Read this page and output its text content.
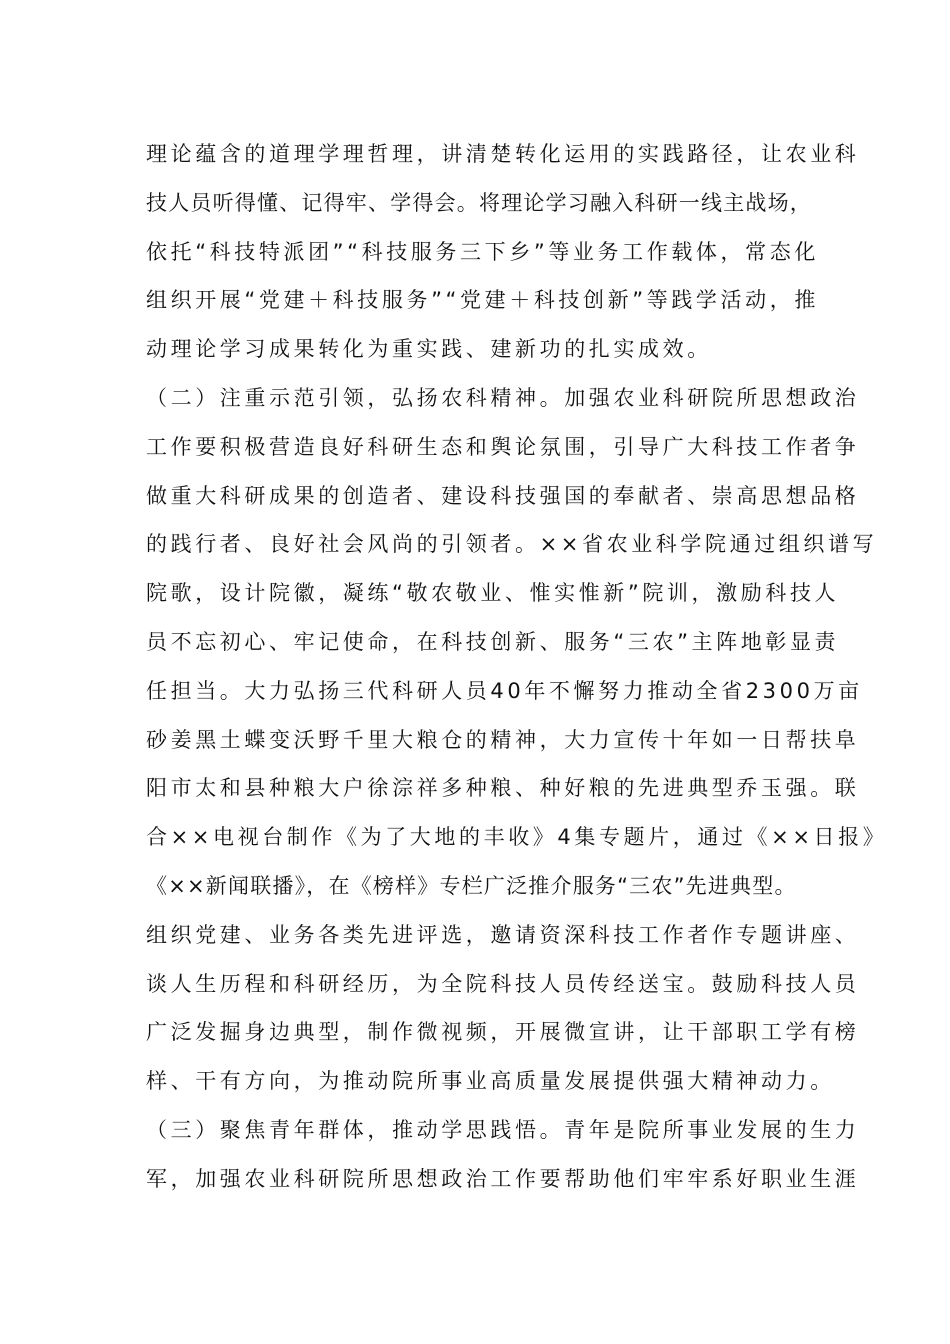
理论蕴含的道理学理哲理，讲清楚转化运用的实践路径，让农业科
技人员听得懂、记得牢、学得会。将理论学习融入科研一线主战场，
依托“科技特派团”“科技服务三下乡”等业务工作载体，常态化
组织开展“党建＋科技服务”“党建＋科技创新”等践学活动，推
动理论学习成果转化为重实践、建新功的扎实成效。
（二）注重示范引领，弘扬农科精神。加强农业科研院所思想政治
工作要积极营造良好科研生态和舆论氛围，引导广大科技工作者争
做重大科研成果的创造者、建设科技强国的奉献者、崇高思想品格
的践行者、良好社会风尚的引领者。××省农业科学院通过组织谱写
院歌，设计院徽，凝练“敬农敬业、惟实惟新”院训，激励科技人
员不忘初心、牢记使命，在科技创新、服务“三农”主阵地彰显责
任担当。大力弘扬三代科研人员40年不懈努力推动全省2300万亩
砂姜黑土蝶变沃野千里大粮仓的精神，大力宣传十年如一日帮扶阜
阳市太和县种粮大户徐淙祥多种粮、种好粮的先进典型乔玉强。联
合××电视台制作《为了大地的丰收》4集专题片，通过《××日报》
《××新闻联播》，在《榜样》专栏广泛推介服务“三农”先进典型。
组织党建、业务各类先进评选，邀请资深科技工作者作专题讲座、
谈人生历程和科研经历，为全院科技人员传经送宝。鼓励科技人员
广泛发掘身边典型，制作微视频，开展微宣讲，让干部职工学有榜
样、干有方向，为推动院所事业高质量发展提供强大精神动力。
（三）聚焦青年群体，推动学思践悟。青年是院所事业发展的生力
军，加强农业科研院所思想政治工作要帮助他们牢牢系好职业生涯
